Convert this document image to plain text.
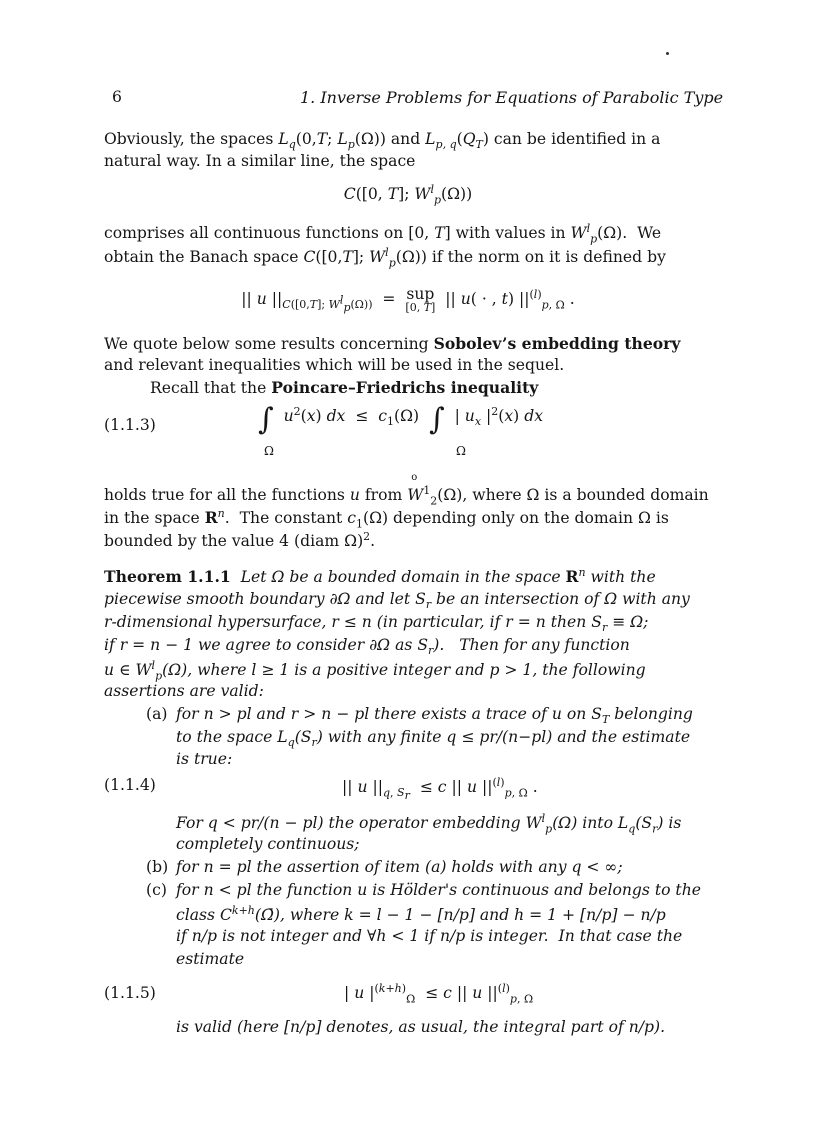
6	1. Inverse Problems for Equations of Parabolic Type
Obviously, the spaces $L_q(0,T$; $L_p(\Omega)$) and $L_{p, q}(Q_T)$ can be identified in a
natural way. In a similar line, the space
C([0, T]; $W^l_p(\Omega)$)
comprises all continuous functions on [0, T] with values in $W^l_p(\Omega)$.  We
obtain the Banach space C([0,T]; $W^l_p(\Omega)$) if the norm on it is defined by
|| u $||_{C([0,T]; W^l_p(\Omega))}$  =  sup
[0, T]  || u( · , t) $||^{(l)}_{p, \Omega}$ .
We quote below some results concerning Sobolev’s embedding theory
and relevant inequalities which will be used in the sequel.
Recall that the Poincare–Friedrichs inequality
(1.1.3)	∫ $u^2(x)$ dx  ≤  $c_1(\Omega)$  ∫  | $u_x$ $|^2(x)$ dx
Ω	Ω
holds true for all the functions u from W
o
$^1_2$(Ω), where Ω is a bounded domain
in the space $R^n$.  The constant $c_1(\Omega)$ depending only on the domain Ω is
bounded by the value 4 (diam Ω)$^2$.
Theorem 1.1.1  Let Ω be a bounded domain in the space $R^n$ with the
piecewise smooth boundary ∂Ω and let $S_r$ be an intersection of Ω with any
r-dimensional hypersurface, r ≤ n (in particular, if r = n then $S_r \equiv \Omega$;
if r = n − 1 we agree to consider ∂Ω as $S_r$).   Then for any function
u ∈ $W^l_p(\Omega)$, where l ≥ 1 is a positive integer and p > 1, the following
assertions are valid:
(a) for n > pl and r > n − pl there exists a trace of u on $S_T$ belonging
to the space $L_q(S_r)$ with any finite q ≤ pr/(n−pl) and the estimate
is true:
(1.1.4)	|| u $||_{q, S_r} \le c$ || u $||^{(l)}_{p, \Omega}$ .
For q < pr/(n − pl) the operator embedding $W^l_p(\Omega)$ into $L_q(S_r)$ is
completely continuous;
(b) for n = pl the assertion of item (a) holds with any q < ∞;
(c) for n < pl the function u is Hölder's continuous and belongs to the
class $C^{k+h}(\Omegā)$, where k = l − 1 − [n/p] and h = 1 + [n/p] − n/p
if n/p is not integer and ∀h < 1 if n/p is integer.  In that case the
estimate
(1.1.5)	| u $|^{(k+h)}_\Omega \le c$ || u $||^{(l)}_{p, \Omega}$
is valid (here [n/p] denotes, as usual, the integral part of n/p).
